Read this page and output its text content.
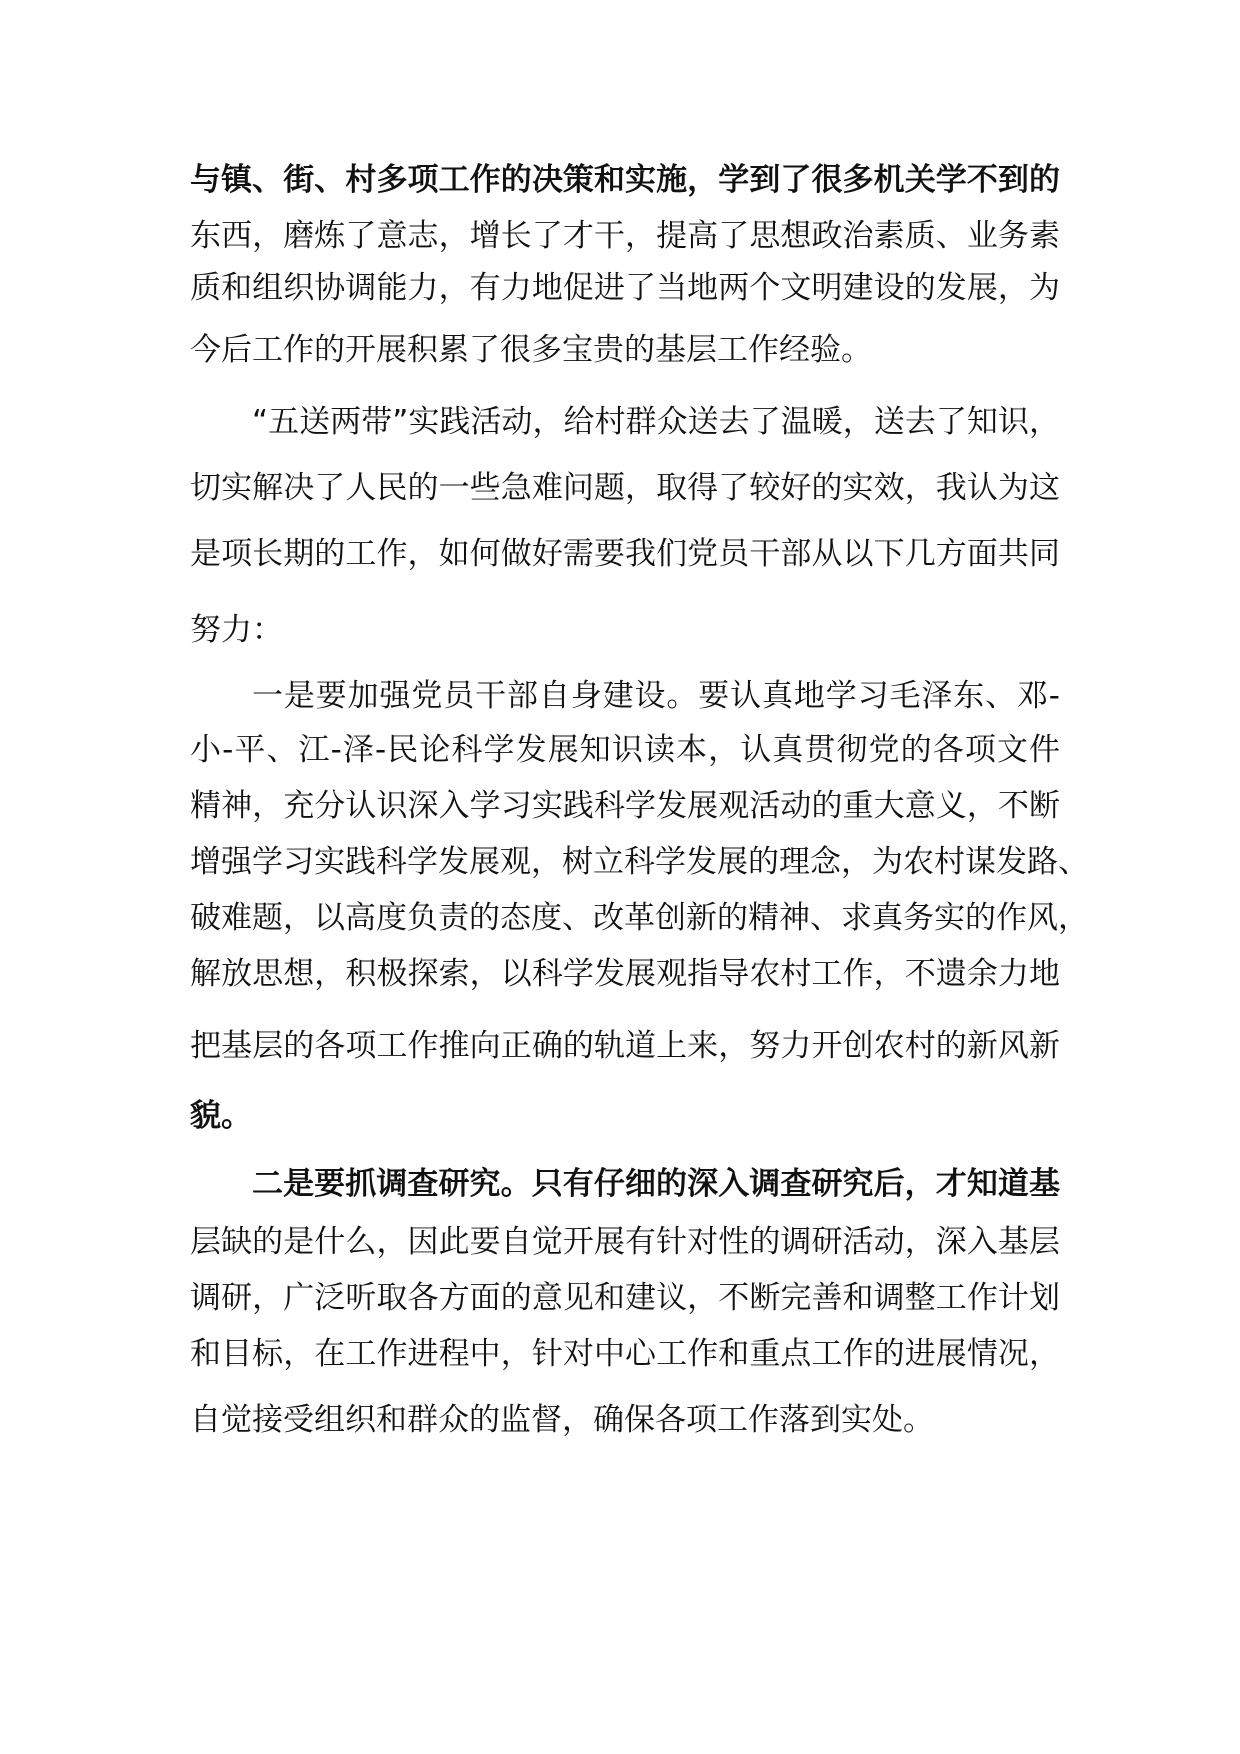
与镇、街、村多项工作的决策和实施，学到了很多机关学不到的

东西，磨炼了意志，增长了才干，提高了思想政治素质、业务素

质和组织协调能力，有力地促进了当地两个文明建设的发展，为

今后工作的开展积累了很多宝贵的基层工作经验。

“五送两带”实践活动，给村群众送去了温暖，送去了知识，

切实解决了人民的一些急难问题，取得了较好的实效，我认为这

是项长期的工作，如何做好需要我们党员干部从以下几方面共同

努力：

一是要加强党员干部自身建设。要认真地学习毛泽东、邓-

小-平、江-泽-民论科学发展知识读本，认真贯彻党的各项文件

精神，充分认识深入学习实践科学发展观活动的重大意义，不断

增强学习实践科学发展观，树立科学发展的理念，为农村谋发路、

破难题，以高度负责的态度、改革创新的精神、求真务实的作风，

解放思想，积极探索，以科学发展观指导农村工作，不遗余力地

把基层的各项工作推向正确的轨道上来，努力开创农村的新风新

貌。

二是要抓调查研究。只有仔细的深入调查研究后，才知道基

层缺的是什么，因此要自觉开展有针对性的调研活动，深入基层

调研，广泛听取各方面的意见和建议，不断完善和调整工作计划

和目标，在工作进程中，针对中心工作和重点工作的进展情况，

自觉接受组织和群众的监督，确保各项工作落到实处。
